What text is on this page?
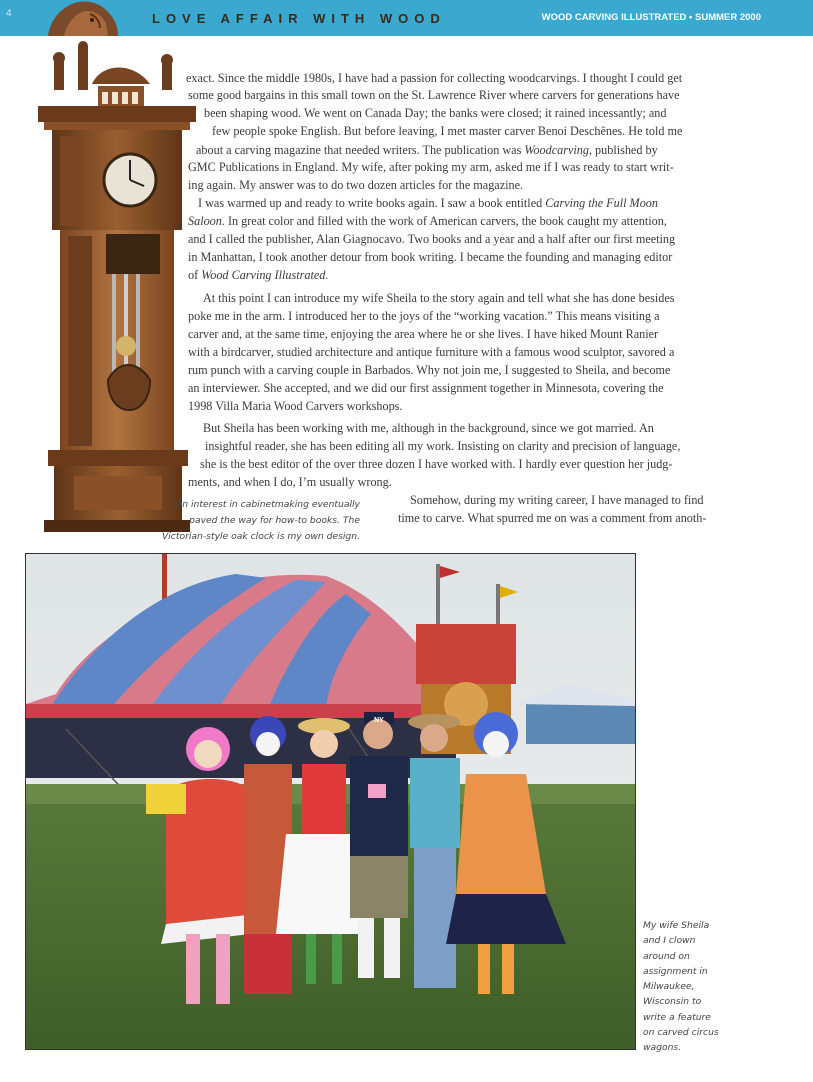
4	LOVE AFFAIR WITH WOOD	WOOD CARVING ILLUSTRATED • SUMMER 2000
exact. Since the middle 1980s, I have had a passion for collecting woodcarvings. I thought I could get
some good bargains in this small town on the St. Lawrence River where carvers for generations have
been shaping wood. We went on Canada Day; the banks were closed; it rained incessantly; and
few people spoke English. But before leaving, I met master carver Benoi Deschênes. He told me
about a carving magazine that needed writers. The publication was Woodcarving, published by
GMC Publications in England. My wife, after poking my arm, asked me if I was ready to start writ-
ing again. My answer was to do two dozen articles for the magazine.
I was warmed up and ready to write books again. I saw a book entitled Carving the Full Moon
Saloon. In great color and filled with the work of American carvers, the book caught my attention,
and I called the publisher, Alan Giagnocavo. Two books and a year and a half after our first meeting
in Manhattan, I took another detour from book writing. I became the founding and managing editor
of Wood Carving Illustrated.
At this point I can introduce my wife Sheila to the story again and tell what she has done besides
poke me in the arm. I introduced her to the joys of the “working vacation.” This means visiting a
carver and, at the same time, enjoying the area where he or she lives. I have hiked Mount Ranier
with a birdcarver, studied architecture and antique furniture with a famous wood sculptor, savored a
rum punch with a carving couple in Barbados. Why not join me, I suggested to Sheila, and become
an interviewer. She accepted, and we did our first assignment together in Minnesota, covering the
1998 Villa Maria Wood Carvers workshops.
But Sheila has been working with me, although in the background, since we got married. An
insightful reader, she has been editing all my work. Insisting on clarity and precision of language,
she is the best editor of the over three dozen I have worked with. I hardly ever question her judg-
ments, and when I do, I’m usually wrong.
Somehow, during my writing career, I have managed to find
time to carve. What spurred me on was a comment from anoth-
An interest in cabinetmaking eventually
paved the way for how-to books. The
Victorian-style oak clock is my own design.
NY
My wife Sheila
and I clown
around on
assignment in
Milwaukee,
Wisconsin to
write a feature
on carved circus
wagons.
